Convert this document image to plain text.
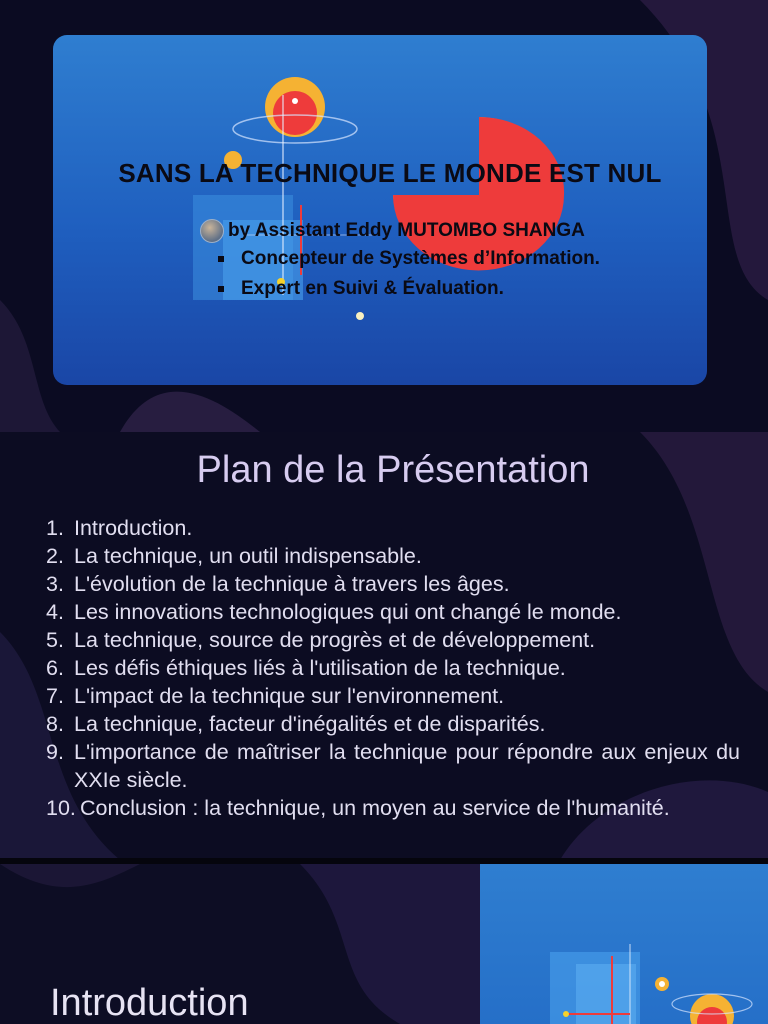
SANS LA TECHNIQUE LE MONDE EST NUL
by Assistant Eddy MUTOMBO SHANGA
Concepteur de Systèmes d’Information.
Expert en Suivi & Évaluation.
Plan de la Présentation
1. Introduction.
2. La technique, un outil indispensable.
3. L'évolution de la technique à travers les âges.
4. Les innovations technologiques qui ont changé le monde.
5. La technique, source de progrès et de développement.
6. Les défis éthiques liés à l'utilisation de la technique.
7. L'impact de la technique sur l'environnement.
8. La technique, facteur d'inégalités et de disparités.
9. L'importance de maîtriser la technique pour répondre aux enjeux du XXIe siècle.
10. Conclusion : la technique, un moyen au service de l'humanité.
Introduction
